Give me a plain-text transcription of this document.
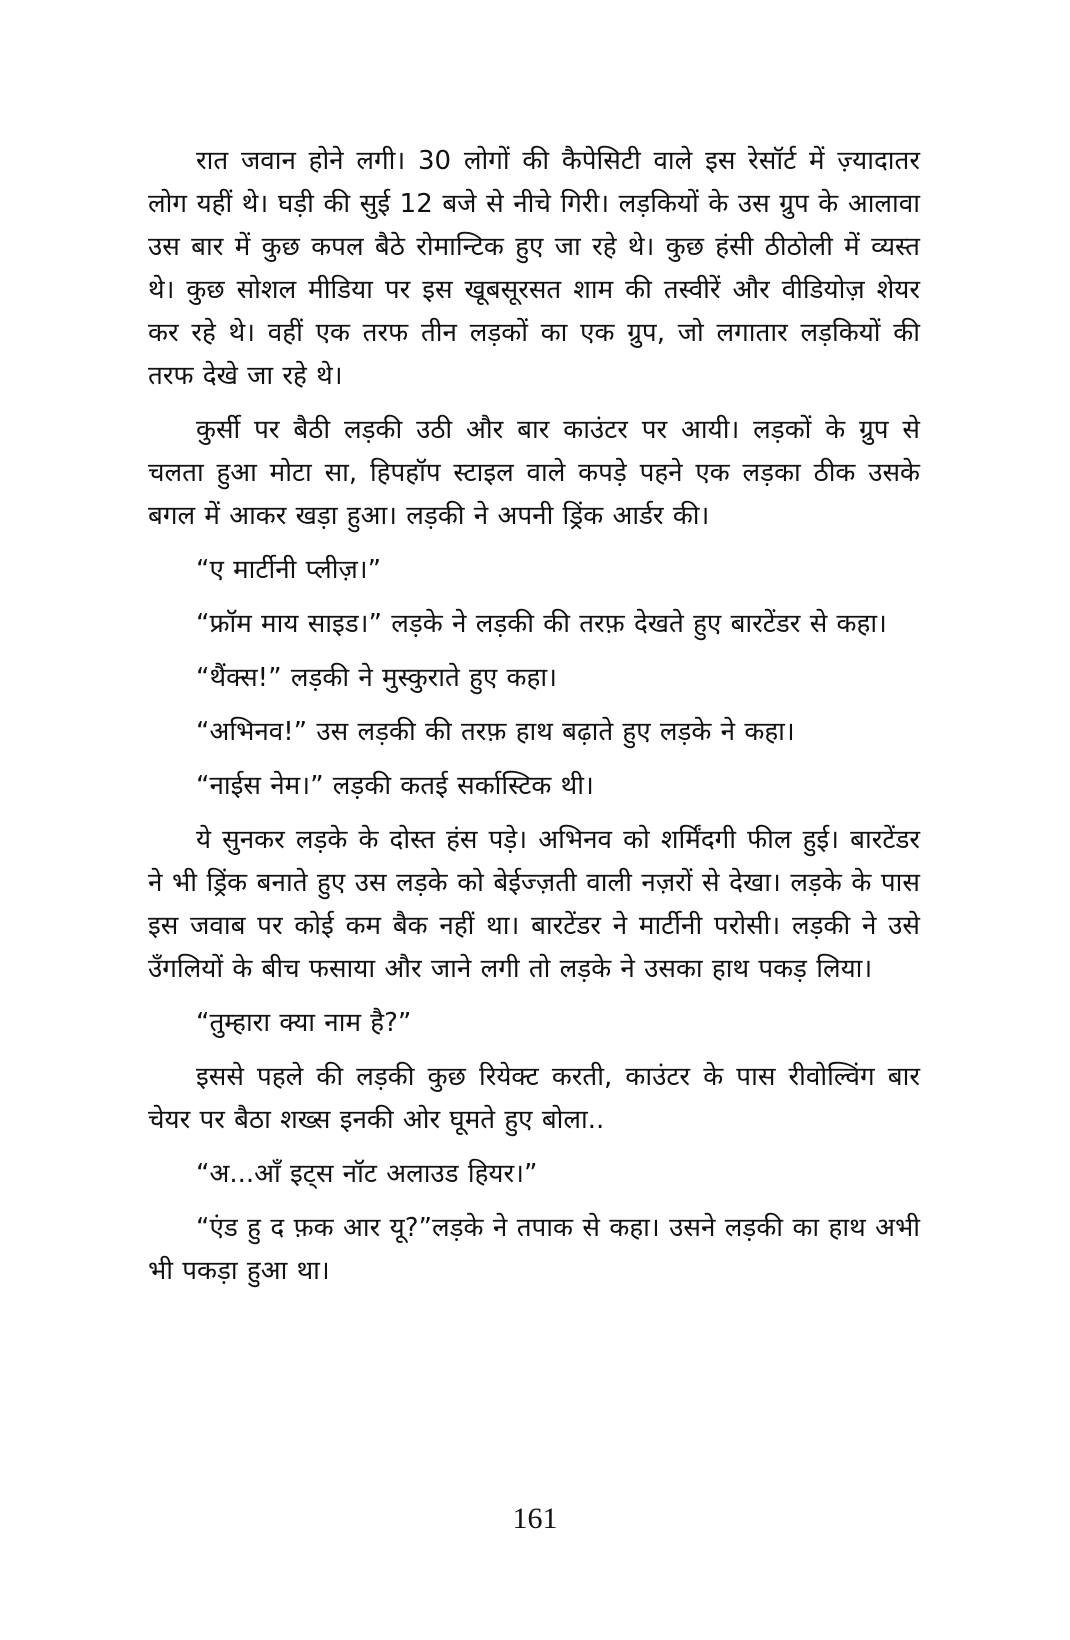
रात जवान होने लगी। 30 लोगों की कैपेसिटी वाले इस रेसॉर्ट में ज़्यादातर लोग यहीं थे। घड़ी की सुई 12 बजे से नीचे गिरी। लड़कियों के उस ग्रुप के आलावा उस बार में कुछ कपल बैठे रोमान्टिक हुए जा रहे थे। कुछ हंसी ठीठोली में व्यस्त थे। कुछ सोशल मीडिया पर इस खूबसूरसत शाम की तस्वीरें और वीडियोज़ शेयर कर रहे थे। वहीं एक तरफ तीन लड़कों का एक ग्रुप, जो लगातार लड़कियों की तरफ देखे जा रहे थे।

कुर्सी पर बैठी लड़की उठी और बार काउंटर पर आयी। लड़कों के ग्रुप से चलता हुआ मोटा सा, हिपहॉप स्टाइल वाले कपड़े पहने एक लड़का ठीक उसके बगल में आकर खड़ा हुआ। लड़की ने अपनी ड्रिंक आर्डर की।

“ए मार्टीनी प्लीज़।”

“फ्रॉम माय साइड।” लड़के ने लड़की की तरफ़ देखते हुए बारटेंडर से कहा।

“थैंक्स!” लड़की ने मुस्कुराते हुए कहा।

“अभिनव!” उस लड़की की तरफ़ हाथ बढ़ाते हुए लड़के ने कहा।

“नाईस नेम।” लड़की कतई सर्कास्टिक थी।

ये सुनकर लड़के के दोस्त हंस पड़े। अभिनव को शर्मिंदगी फील हुई। बारटेंडर ने भी ड्रिंक बनाते हुए उस लड़के को बेईज्ज़ती वाली नज़रों से देखा। लड़के के पास इस जवाब पर कोई कम बैक नहीं था। बारटेंडर ने मार्टीनी परोसी। लड़की ने उसे उँगलियों के बीच फसाया और जाने लगी तो लड़के ने उसका हाथ पकड़ लिया।

“तुम्हारा क्या नाम है?”

इससे पहले की लड़की कुछ रियेक्ट करती, काउंटर के पास रीवोल्विंग बार चेयर पर बैठा शख्स इनकी ओर घूमते हुए बोला..

“अ...आँ इट्स नॉट अलाउड हियर।”

“एंड हु द फ़क आर यू?”लड़के ने तपाक से कहा। उसने लड़की का हाथ अभी भी पकड़ा हुआ था।

161
